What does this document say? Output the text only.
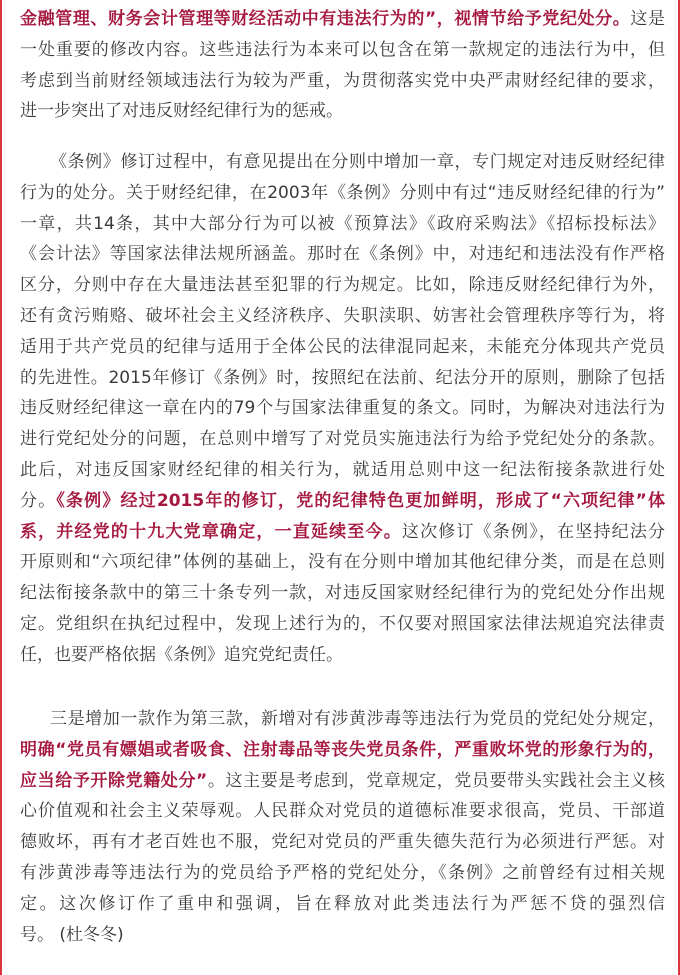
金融管理、财务会计管理等财经活动中有违法行为的”，视情节给予党纪处分。这是
一处重要的修改内容。这些违法行为本来可以包含在第一款规定的违法行为中，但
考虑到当前财经领域违法行为较为严重，为贯彻落实党中央严肃财经纪律的要求，
进一步突出了对违反财经纪律行为的惩戒。
《条例》修订过程中，有意见提出在分则中增加一章，专门规定对违反财经纪律
行为的处分。关于财经纪律，在2003年《条例》分则中有过“违反财经纪律的行为”
一章，共14条，其中大部分行为可以被《预算法》《政府采购法》《招标投标法》
《会计法》等国家法律法规所涵盖。那时在《条例》中，对违纪和违法没有作严格
区分，分则中存在大量违法甚至犯罪的行为规定。比如，除违反财经纪律行为外，
还有贪污贿赂、破坏社会主义经济秩序、失职渎职、妨害社会管理秩序等行为，将
适用于共产党员的纪律与适用于全体公民的法律混同起来，未能充分体现共产党员
的先进性。2015年修订《条例》时，按照纪在法前、纪法分开的原则，删除了包括
违反财经纪律这一章在内的79个与国家法律重复的条文。同时，为解决对违法行为
进行党纪处分的问题，在总则中增写了对党员实施违法行为给予党纪处分的条款。
此后，对违反国家财经纪律的相关行为，就适用总则中这一纪法衔接条款进行处
分。《条例》经过2015年的修订，党的纪律特色更加鲜明，形成了“六项纪律”体
系，并经党的十九大党章确定，一直延续至今。这次修订《条例》，在坚持纪法分
开原则和“六项纪律”体例的基础上，没有在分则中增加其他纪律分类，而是在总则
纪法衔接条款中的第三十条专列一款，对违反国家财经纪律行为的党纪处分作出规
定。党组织在执纪过程中，发现上述行为的，不仅要对照国家法律法规追究法律责
任，也要严格依据《条例》追究党纪责任。
三是增加一款作为第三款，新增对有涉黄涉毒等违法行为党员的党纪处分规定，
明确“党员有嫖娼或者吸食、注射毒品等丧失党员条件，严重败坏党的形象行为的，
应当给予开除党籍处分”。这主要是考虑到，党章规定，党员要带头实践社会主义核
心价值观和社会主义荣辱观。人民群众对党员的道德标准要求很高，党员、干部道
德败坏，再有才老百姓也不服，党纪对党员的严重失德失范行为必须进行严惩。对
有涉黄涉毒等违法行为的党员给予严格的党纪处分，《条例》之前曾经有过相关规
定。这次修订作了重申和强调，旨在释放对此类违法行为严惩不贷的强烈信
号。 (杜冬冬)
